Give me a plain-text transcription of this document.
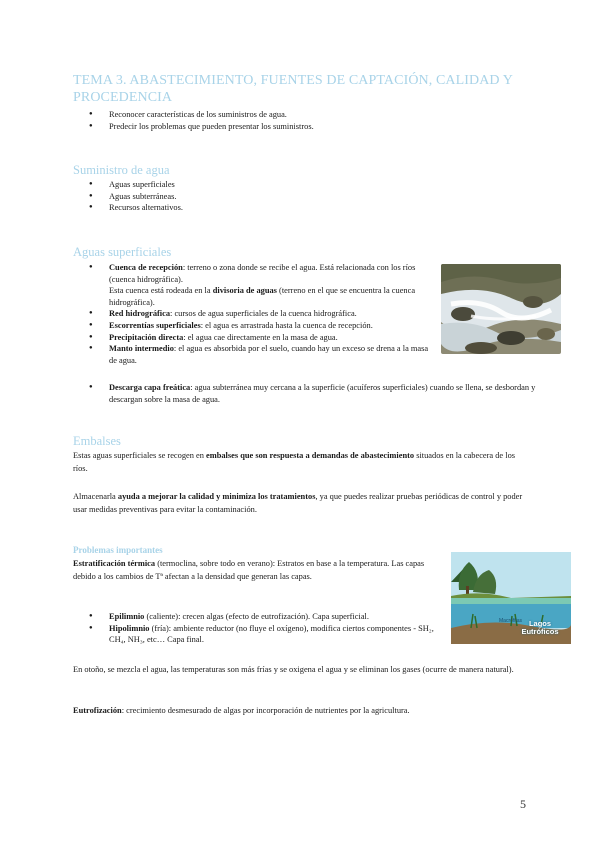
TEMA 3. ABASTECIMIENTO, FUENTES DE CAPTACIÓN, CALIDAD Y PROCEDENCIA
● Reconocer características de los suministros de agua.
● Predecir los problemas que pueden presentar los suministros.
Suministro de agua
● Aguas superficiales
● Aguas subterráneas.
● Recursos alternativos.
Aguas superficiales
● Cuenca de recepción: terreno o zona donde se recibe el agua. Está relacionada con los ríos (cuenca hidrográfica).
Esta cuenca está rodeada en la divisoria de aguas (terreno en el que se encuentra la cuenca hidrográfica).
● Red hidrográfica: cursos de agua superficiales de la cuenca hidrográfica.
● Escorrentías superficiales: el agua es arrastrada hasta la cuenca de recepción.
● Precipitación directa: el agua cae directamente en la masa de agua.
● Manto intermedio: el agua es absorbida por el suelo, cuando hay un exceso se drena a la masa de agua.
● Descarga capa freática: agua subterránea muy cercana a la superficie (acuíferos superficiales) cuando se llena, se desbordan y descargan sobre la masa de agua.
Embalses

Estas aguas superficiales se recogen en embalses que son respuesta a demandas de abastecimiento situados en la cabecera de los ríos.

Almacenarla ayuda a mejorar la calidad y minimiza los tratamientos, ya que puedes realizar pruebas periódicas de control y poder usar medidas preventivas para evitar la contaminación.

Problemas importantes

Estratificación térmica (termoclina, sobre todo en verano): Estratos en base a la temperatura. Las capas debido a los cambios de Tª afectan a la densidad que generan las capas.

● Epilimnio (caliente): crecen algas (efecto de eutrofización). Capa superficial.
● Hipolimnio (fría): ambiente reductor (no fluye el oxígeno), modifica ciertos componentes - SH₂, CH₄, NH₃, etc… Capa final.
Macrófitas Lagos Eutróficos

En otoño, se mezcla el agua, las temperaturas son más frías y se oxigena el agua y se eliminan los gases (ocurre de manera natural).

Eutrofización: crecimiento desmesurado de algas por incorporación de nutrientes por la agricultura.

5
